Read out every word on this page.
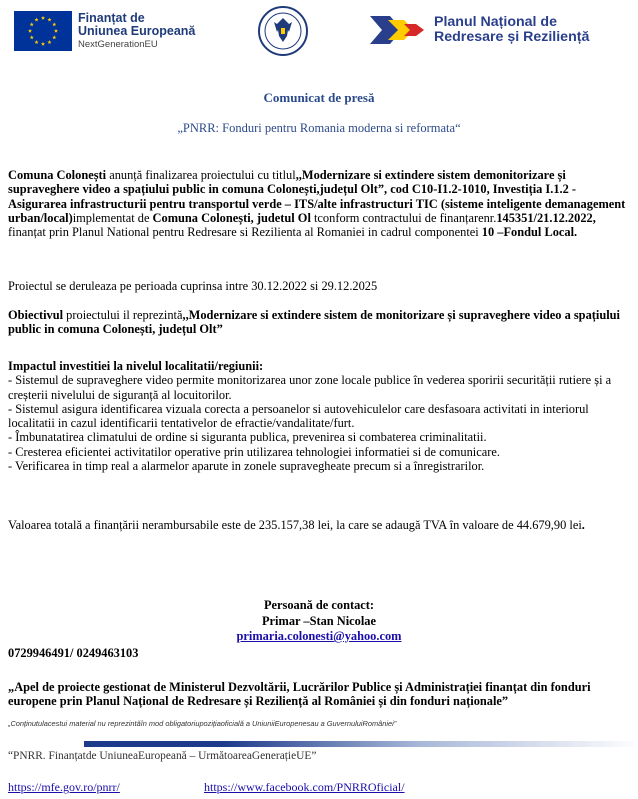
Finanțat de
Uniunea Europeană
NextGenerationEU
Planul Național de
Redresare și Reziliență
Comunicat de presă
„PNRR: Fonduri pentru Romania moderna si reformata“
Comuna Colonești anunță finalizarea proiectului cu titlul,,Modernizare si extindere sistem demonitorizare și supraveghere video a spațiului public in comuna Colonești,județul Olt”, cod C10-I1.2-1010, Investiția I.1.2 - Asigurarea infrastructurii pentru transportul verde – ITS/alte infrastructuri TIC (sisteme inteligente demanagement urban/local)implementat de Comuna Colonești, judetul Ol tconform contractului de finanțarenr.145351/21.12.2022, finanțat prin Planul National pentru Redresare si Rezilienta al Romaniei in cadrul componentei 10 –Fondul Local.
Proiectul se deruleaza pe perioada cuprinsa intre 30.12.2022 si 29.12.2025
Obiectivul proiectului il reprezintă,,Modernizare si extindere sistem de monitorizare și supraveghere video a spațiului public in comuna Colonești, județul Olt”
Impactul investitiei la nivelul localitatii/regiunii:
- Sistemul de supraveghere video permite monitorizarea unor zone locale publice în vederea sporirii securității rutiere și a creșterii nivelului de siguranță al locuitorilor.
- Sistemul asigura identificarea vizuala corecta a persoanelor si autovehiculelor care desfasoara activitati in interiorul localitatii in cazul identificarii tentativelor de efractie/vandalitate/furt.
- Îmbunatatirea climatului de ordine si siguranta publica, prevenirea si combaterea criminalitatii.
- Cresterea eficientei activitatilor operative prin utilizarea tehnologiei informatiei si de comunicare.
- Verificarea in timp real a alarmelor aparute in zonele supravegheate precum si a înregistrarilor.
Valoarea totală a finanțării nerambursabile este de 235.157,38 lei, la care se adaugă TVA în valoare de 44.679,90 lei.
Persoană de contact:
Primar –Stan Nicolae
primaria.colonesti@yahoo.com
0729946491/ 0249463103
„Apel de proiecte gestionat de Ministerul Dezvoltării, Lucrărilor Publice și Administrației finanțat din fonduri europene prin Planul Național de Redresare și Reziliență al României și din fonduri naționale”
„Conținutulacestui material nu reprezintăîn mod obligatoriupozițiaoficială a UniuniiEuropenesau a GuvernuluiRomâniei”
“PNRR. Finanțatde UniuneaEuropeană – UrmătoareaGenerațieUE”
https://mfe.gov.ro/pnrr/	https://www.facebook.com/PNRROficial/
